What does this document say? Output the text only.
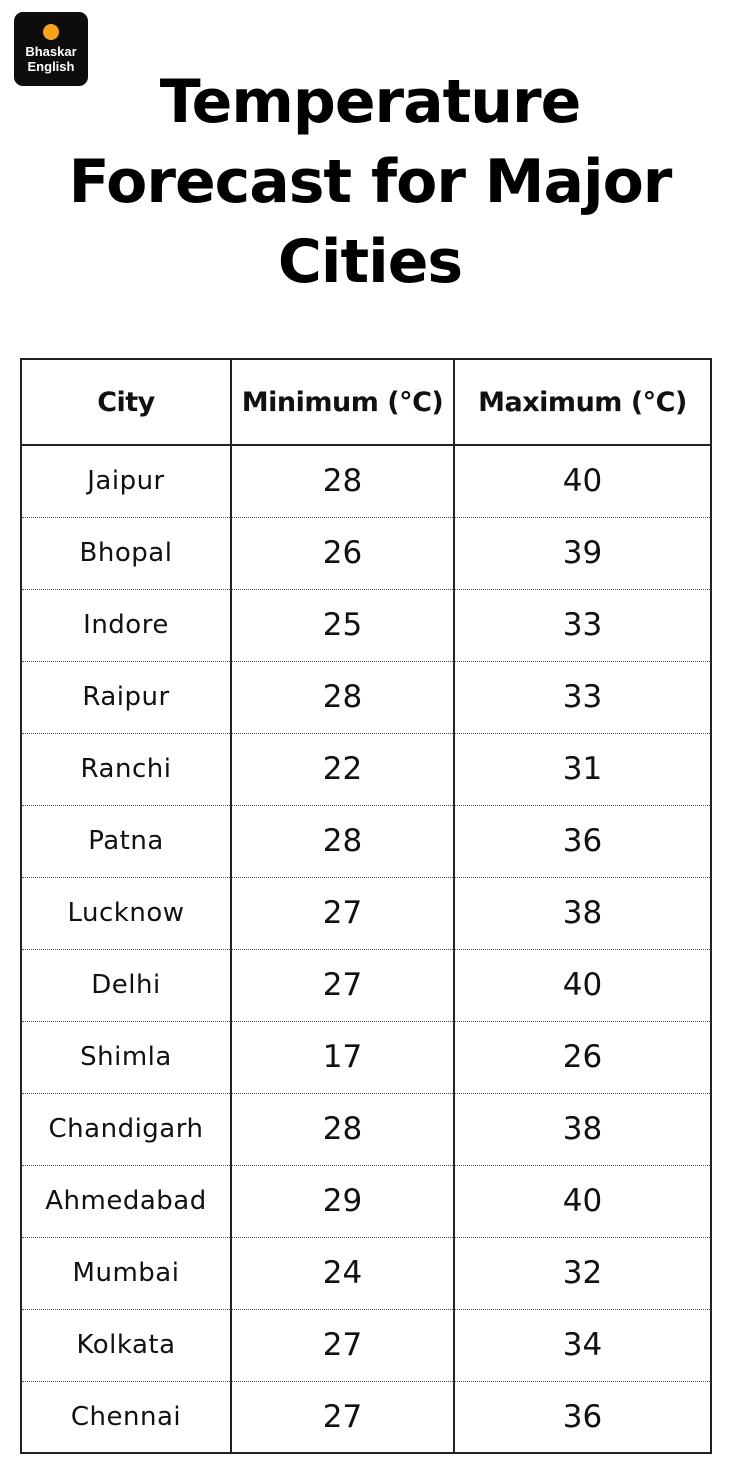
Bhaskar
English
Temperature Forecast for Major Cities
City	Minimum (°C)	Maximum (°C)
Jaipur	28	40
Bhopal	26	39
Indore	25	33
Raipur	28	33
Ranchi	22	31
Patna	28	36
Lucknow	27	38
Delhi	27	40
Shimla	17	26
Chandigarh	28	38
Ahmedabad	29	40
Mumbai	24	32
Kolkata	27	34
Chennai	27	36
